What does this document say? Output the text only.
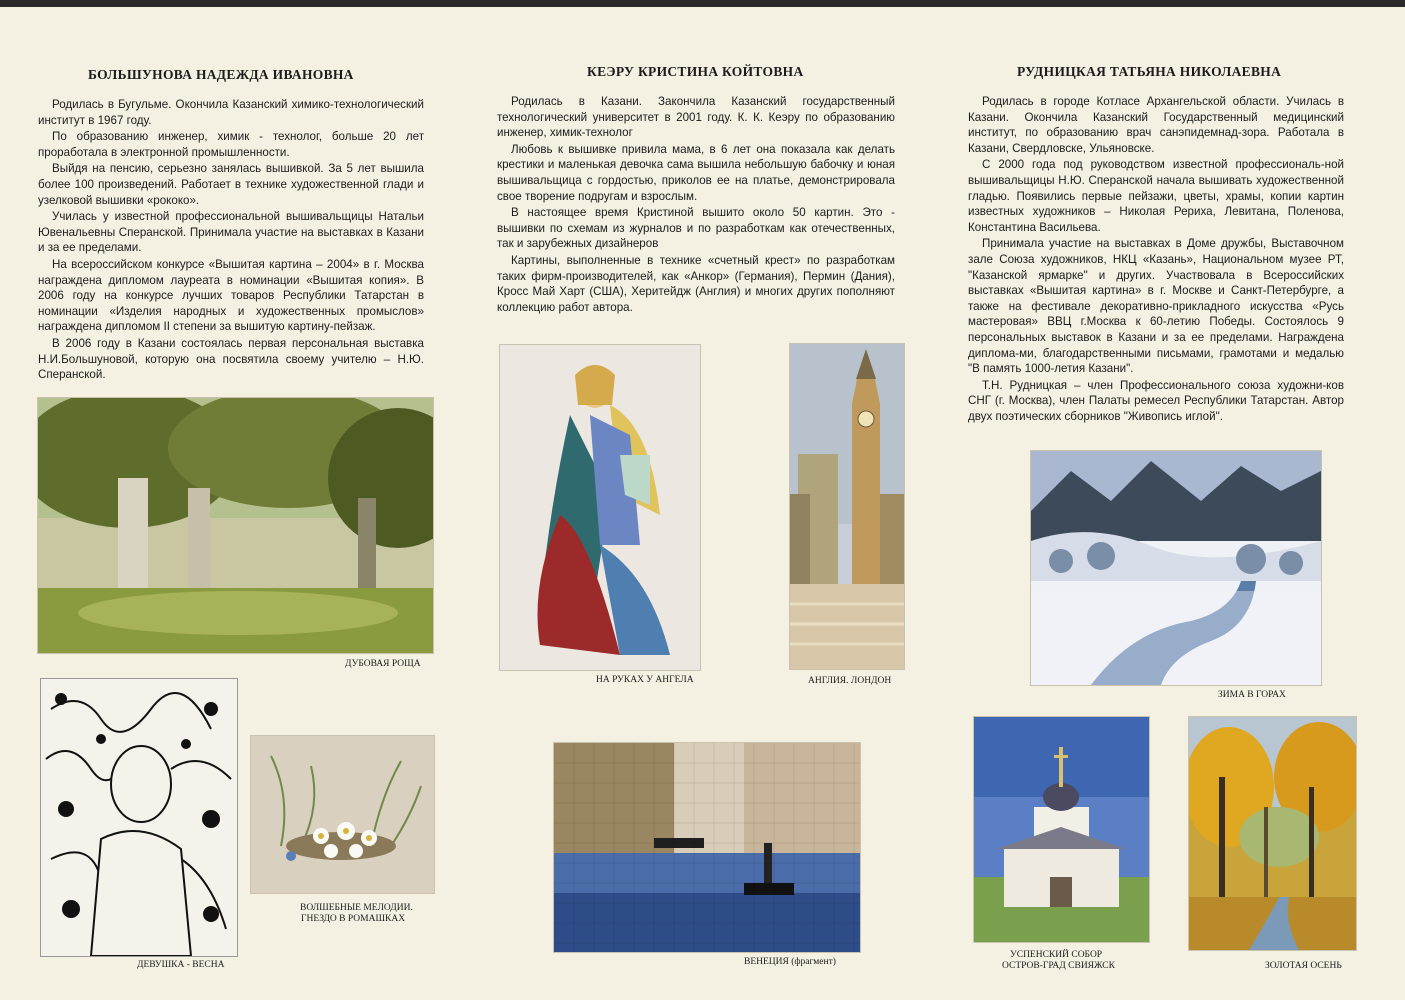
БОЛЬШУНОВА НАДЕЖДА ИВАНОВНА

Родилась в Бугульме. Окончила Казанский химико-технологический институт в 1967 году.

По образованию инженер, химик - технолог, больше 20 лет проработала в электронной промышленности.

Выйдя на пенсию, серьезно занялась вышивкой. За 5 лет вышила более 100 произведений. Работает в технике художественной глади и узелковой вышивки «рококо».

Училась у известной профессиональной вышивальщицы Натальи Ювенальевны Сперанской. Принимала участие на выставках в Казани и за ее пределами.

На всероссийском конкурсе «Вышитая картина – 2004» в г. Москва награждена дипломом лауреата в номинации «Вышитая копия». В 2006 году на конкурсе лучших товаров Республики Татарстан в номинации «Изделия народных и художественных промыслов» награждена дипломом II степени за вышитую картину-пейзаж.

В 2006 году в Казани состоялась первая персональная выставка Н.И.Большуновой, которую она посвятила своему учителю – Н.Ю. Сперанской.

ДУБОВАЯ РОЩА
ДЕВУШКА - ВЕСНА
ВОЛШЕБНЫЕ МЕЛОДИИ.
ГНЕЗДО В РОМАШКАХ
КЕЭРУ КРИСТИНА КОЙТОВНА

Родилась в Казани. Закончила Казанский государственный технологический университет в 2001 году. К. К. Кеэру по образованию инженер, химик-технолог

Любовь к вышивке привила мама, в 6 лет она показала как делать крестики и маленькая девочка сама вышила небольшую бабочку и юная вышивальщица с гордостью, приколов ее на платье, демонстрировала свое творение подругам и взрослым.

В настоящее время Кристиной вышито около 50 картин. Это - вышивки по схемам из журналов и по разработкам как отечественных, так и зарубежных дизайнеров

Картины, выполненные в технике «счетный крест» по разработкам таких фирм-производителей, как «Анкор» (Германия), Пермин (Дания), Кросс Май Харт (США), Херитейдж (Англия) и многих других пополняют коллекцию работ автора.

НА РУКАХ У АНГЕЛА	АНГЛИЯ. ЛОНДОН
ВЕНЕЦИЯ (фрагмент)
РУДНИЦКАЯ ТАТЬЯНА НИКОЛАЕВНА

Родилась в городе Котласе Архангельской области. Училась в Казани. Окончила Казанский Государственный медицинский институт, по образованию врач санэпидемнад-зора. Работала в Казани, Свердловске, Ульяновске.

С 2000 года под руководством известной профессиональ-ной вышивальщицы Н.Ю. Сперанской начала вышивать художественной гладью. Появились первые пейзажи, цветы, храмы, копии картин известных художников – Николая Рериха, Левитана, Поленова, Константина Васильева.

Принимала участие на выставках в Доме дружбы, Выставочном зале Союза художников, НКЦ «Казань», Национальном музее РТ, "Казанской ярмарке" и других. Участвовала в Всероссийских выставках «Вышитая картина» в г. Москве и Санкт-Петербурге, а также на фестивале декоративно-прикладного искусства «Русь мастеровая» ВВЦ г.Москва к 60-летию Победы. Состоялось 9 персональных выставок в Казани и за ее пределами. Награждена диплома-ми, благодарственными письмами, грамотами и медалью "В память 1000-летия Казани".

Т.Н. Рудницкая – член Профессионального союза художни-ков СНГ (г. Москва), член Палаты ремесел Республики Татарстан. Автор двух поэтических сборников "Живопись иглой".

ЗИМА В ГОРАХ
УСПЕНСКИЙ СОБОР
ОСТРОВ-ГРАД СВИЯЖСК	ЗОЛОТАЯ ОСЕНЬ
